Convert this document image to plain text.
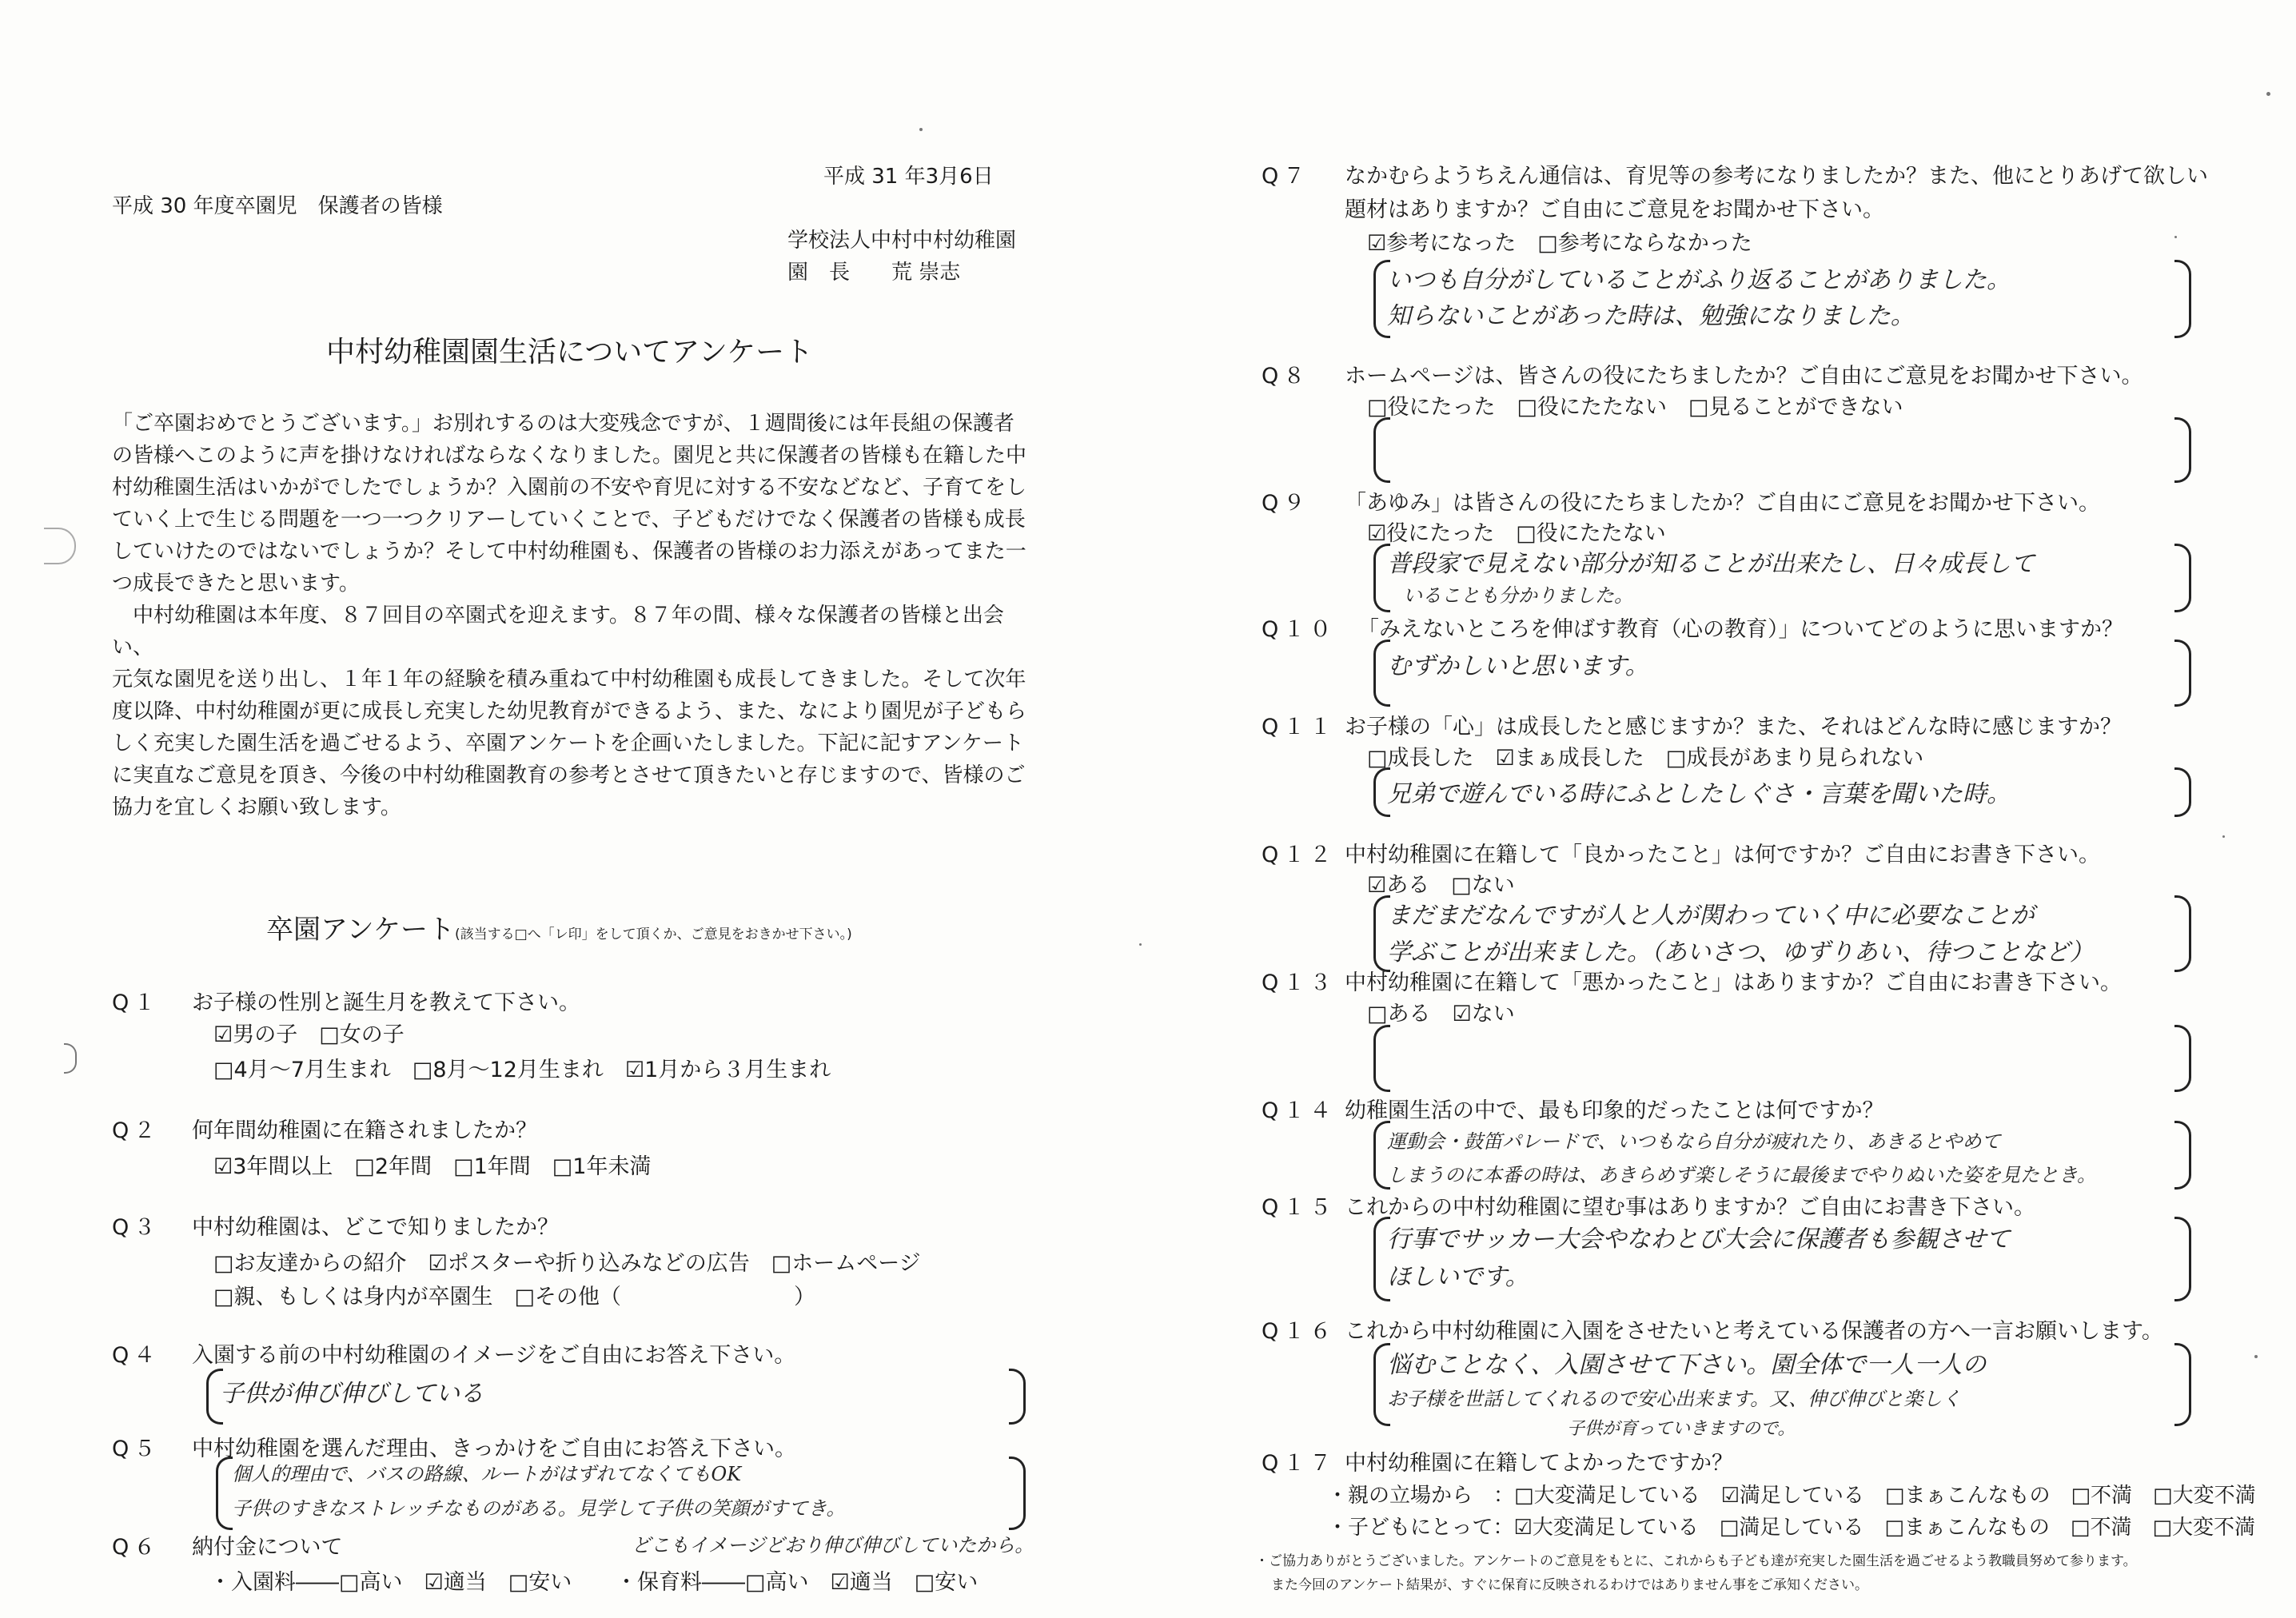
平成 31 年3月6日
平成 30 年度卒園児　保護者の皆様
学校法人中村中村幼稚園
園　長　　荒 崇志
中村幼稚園園生活についてアンケート

「ご卒園おめでとうございます。」お別れするのは大変残念ですが、１週間後には年長組の保護者

の皆様へこのように声を掛けなければならなくなりました。園児と共に保護者の皆様も在籍した中

村幼稚園生活はいかがでしたでしょうか？入園前の不安や育児に対する不安などなど、子育てをし

ていく上で生じる問題を一つ一つクリアーしていくことで、子どもだけでなく保護者の皆様も成長

していけたのではないでしょうか？そして中村幼稚園も、保護者の皆様のお力添えがあってまた一

つ成長できたと思います。

　中村幼稚園は本年度、８７回目の卒園式を迎えます。８７年の間、様々な保護者の皆様と出会い、

元気な園児を送り出し、１年１年の経験を積み重ねて中村幼稚園も成長してきました。そして次年

度以降、中村幼稚園が更に成長し充実した幼児教育ができるよう、また、なにより園児が子どもら

しく充実した園生活を過ごせるよう、卒園アンケートを企画いたしました。下記に記すアンケート

に実直なご意見を頂き、今後の中村幼稚園教育の参考とさせて頂きたいと存じますので、皆様のご

協力を宜しくお願い致します。

卒園アンケート(該当する□へ「レ印」をして頂くか、ご意見をおきかせ下さい。)
Q１ お子様の性別と誕生月を教えて下さい。
☑男の子　□女の子
□4月～7月生まれ　□8月～12月生まれ　☑1月から３月生まれ
Q２ 何年間幼稚園に在籍されましたか？
☑3年間以上　□2年間　□1年間　□1年未満
Q３ 中村幼稚園は、どこで知りましたか？
□お友達からの紹介　☑ポスターや折り込みなどの広告　□ホームページ
□親、もしくは身内が卒園生　□その他（　　　　　　　　）
Q４ 入園する前の中村幼稚園のイメージをご自由にお答え下さい。
子供が伸び伸びしている
Q５ 中村幼稚園を選んだ理由、きっかけをご自由にお答え下さい。
個人的理由で、バスの路線、ルートがはずれてなくてもOK
子供のすきなストレッチなものがある。見学して子供の笑顔がすてき。
Q６ 納付金について	どこもイメージどおり伸び伸びしていたから。
・入園料――□高い　☑適当　□安い ・保育料――□高い　☑適当　□安い
Q７ なかむらようちえん通信は、育児等の参考になりましたか？また、他にとりあげて欲しい
題材はありますか？ご自由にご意見をお聞かせ下さい。
☑参考になった　□参考にならなかった
いつも自分がしていることがふり返ることがありました。
知らないことがあった時は、勉強になりました。
Q８ ホームページは、皆さんの役にたちましたか？ご自由にご意見をお聞かせ下さい。
□役にたった　□役にたたない　□見ることができない
Q９ 「あゆみ」は皆さんの役にたちましたか？ご自由にご意見をお聞かせ下さい。
☑役にたった　□役にたたない
普段家で見えない部分が知ることが出来たし、日々成長して
いることも分かりました。
Q１０ 「みえないところを伸ばす教育（心の教育）」についてどのように思いますか？
むずかしいと思います。
Q１１ お子様の「心」は成長したと感じますか？また、それはどんな時に感じますか？
□成長した　☑まぁ成長した　□成長があまり見られない
兄弟で遊んでいる時にふとしたしぐさ・言葉を聞いた時。
Q１２ 中村幼稚園に在籍して「良かったこと」は何ですか？ご自由にお書き下さい。
☑ある　□ない
まだまだなんですが人と人が関わっていく中に必要なことが
学ぶことが出来ました。（あいさつ、ゆずりあい、待つことなど）
Q１３ 中村幼稚園に在籍して「悪かったこと」はありますか？ご自由にお書き下さい。
□ある　☑ない
Q１４ 幼稚園生活の中で、最も印象的だったことは何ですか？
運動会・鼓笛パレードで、いつもなら自分が疲れたり、あきるとやめて
しまうのに本番の時は、あきらめず楽しそうに最後までやりぬいた姿を見たとき。
Q１５ これからの中村幼稚園に望む事はありますか？ご自由にお書き下さい。
行事でサッカー大会やなわとび大会に保護者も参観させて
ほしいです。
Q１６ これから中村幼稚園に入園をさせたいと考えている保護者の方へ一言お願いします。
悩むことなく、入園させて下さい。園全体で一人一人の
お子様を世話してくれるので安心出来ます。又、伸び伸びと楽しく
子供が育っていきますので。
Q１７ 中村幼稚園に在籍してよかったですか？
・親の立場から　：□大変満足している　☑満足している　□まぁこんなもの　□不満　□大変不満
・子どもにとって：☑大変満足している　□満足している　□まぁこんなもの　□不満　□大変不満
・ご協力ありがとうございました。アンケートのご意見をもとに、これからも子ども達が充実した園生活を過ごせるよう教職員努めて参ります。
また今回のアンケート結果が、すぐに保育に反映されるわけではありません事をご承知ください。
